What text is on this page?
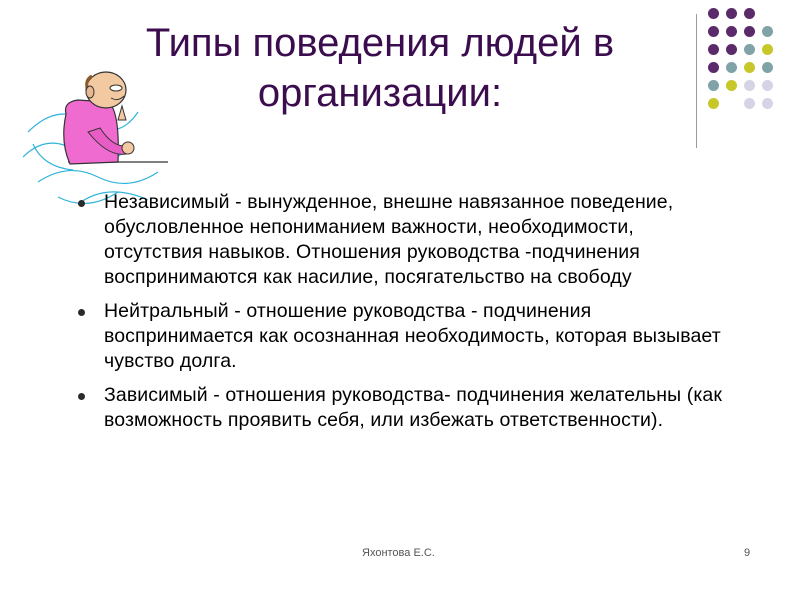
Типы поведения людей в организации:
Независимый - вынужденное, внешне навязанное поведение, обусловленное непониманием важности, необходимости, отсутствия навыков. Отношения руководства -подчинения воспринимаются как насилие, посягательство на свободу
Нейтральный - отношение руководства - подчинения воспринимается как осознанная необходимость, которая вызывает чувство долга.
Зависимый - отношения руководства- подчинения желательны (как возможность проявить себя, или избежать ответственности).
Яхонтова Е.С.	9
